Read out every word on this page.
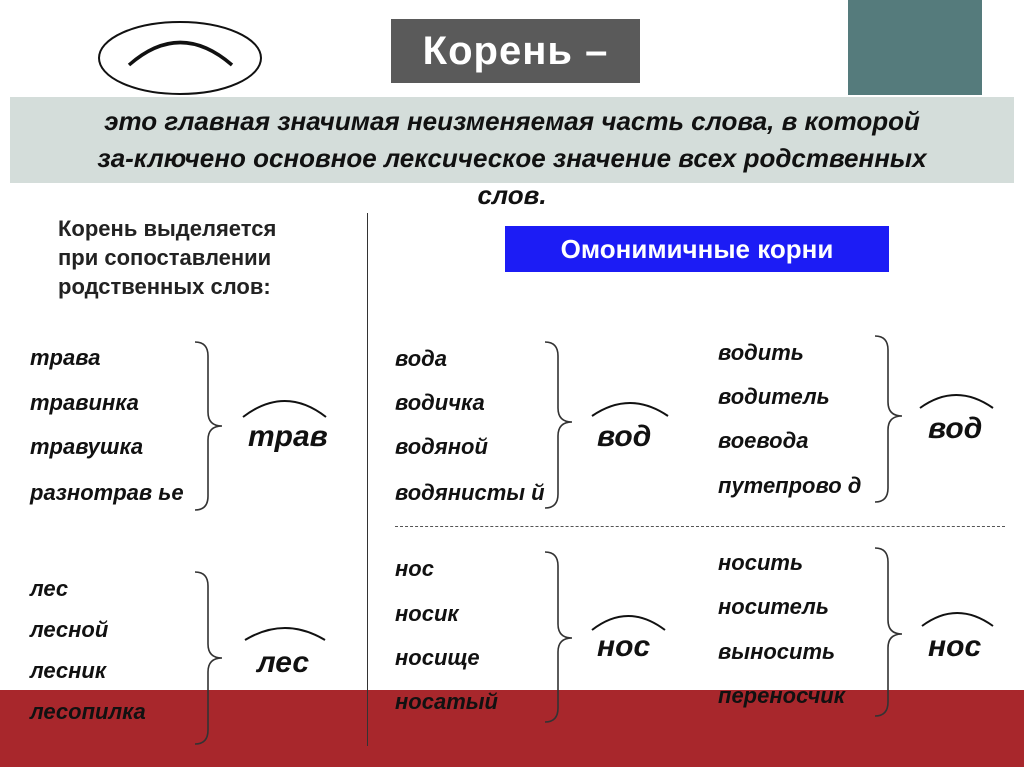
Корень –
это главная значимая неизменяемая часть слова, в которой
за-ключено основное лексическое значение всех родственных
слов.
Корень выделяется
при сопоставлении
родственных слов:
Омонимичные корни
трава
травинка
травушка
разнотрав ье
трав
лес
лесной
лесник
лесопилка
лес
вода
водичка
водяной
водянисты й
вод
водить
водитель
воевода
путепрово д
вод
нос
носик
носище
носатый
нос
носить
носитель
выносить
переносчик
нос
